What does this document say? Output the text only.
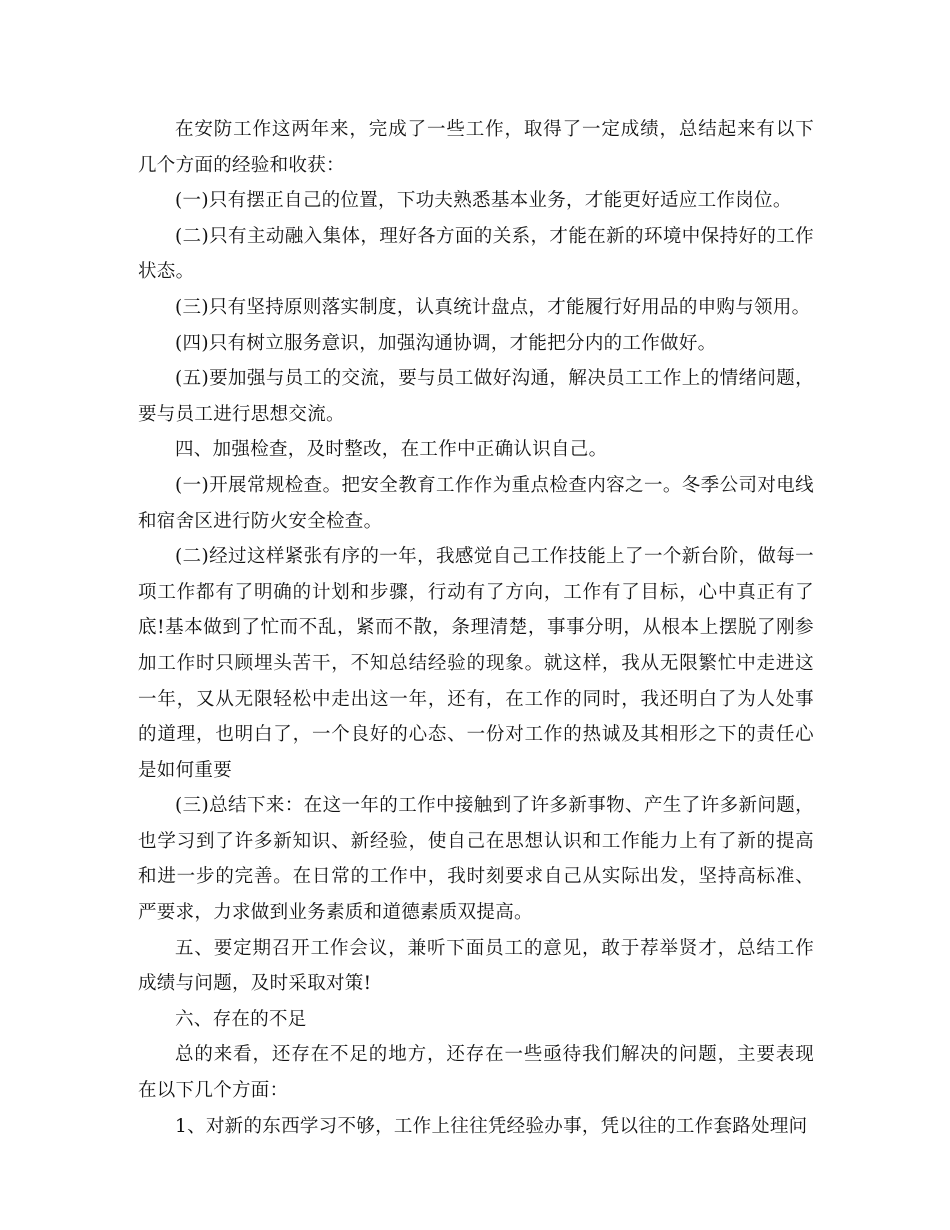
在安防工作这两年来，完成了一些工作，取得了一定成绩，总结起来有以下几个方面的经验和收获：

(一)只有摆正自己的位置，下功夫熟悉基本业务，才能更好适应工作岗位。

(二)只有主动融入集体，理好各方面的关系，才能在新的环境中保持好的工作状态。

(三)只有坚持原则落实制度，认真统计盘点，才能履行好用品的申购与领用。

(四)只有树立服务意识，加强沟通协调，才能把分内的工作做好。

(五)要加强与员工的交流，要与员工做好沟通，解决员工工作上的情绪问题，要与员工进行思想交流。

四、加强检查，及时整改，在工作中正确认识自己。

(一)开展常规检查。把安全教育工作作为重点检查内容之一。冬季公司对电线和宿舍区进行防火安全检查。

(二)经过这样紧张有序的一年，我感觉自己工作技能上了一个新台阶，做每一项工作都有了明确的计划和步骤，行动有了方向，工作有了目标，心中真正有了底!基本做到了忙而不乱，紧而不散，条理清楚，事事分明，从根本上摆脱了刚参加工作时只顾埋头苦干，不知总结经验的现象。就这样，我从无限繁忙中走进这一年，又从无限轻松中走出这一年，还有，在工作的同时，我还明白了为人处事的道理，也明白了，一个良好的心态、一份对工作的热诚及其相形之下的责任心是如何重要

(三)总结下来：在这一年的工作中接触到了许多新事物、产生了许多新问题，也学习到了许多新知识、新经验，使自己在思想认识和工作能力上有了新的提高和进一步的完善。在日常的工作中，我时刻要求自己从实际出发，坚持高标准、严要求，力求做到业务素质和道德素质双提高。

五、要定期召开工作会议，兼听下面员工的意见，敢于荐举贤才，总结工作成绩与问题，及时采取对策!

六、存在的不足

总的来看，还存在不足的地方，还存在一些亟待我们解决的问题，主要表现在以下几个方面：

1、对新的东西学习不够，工作上往往凭经验办事，凭以往的工作套路处理问
